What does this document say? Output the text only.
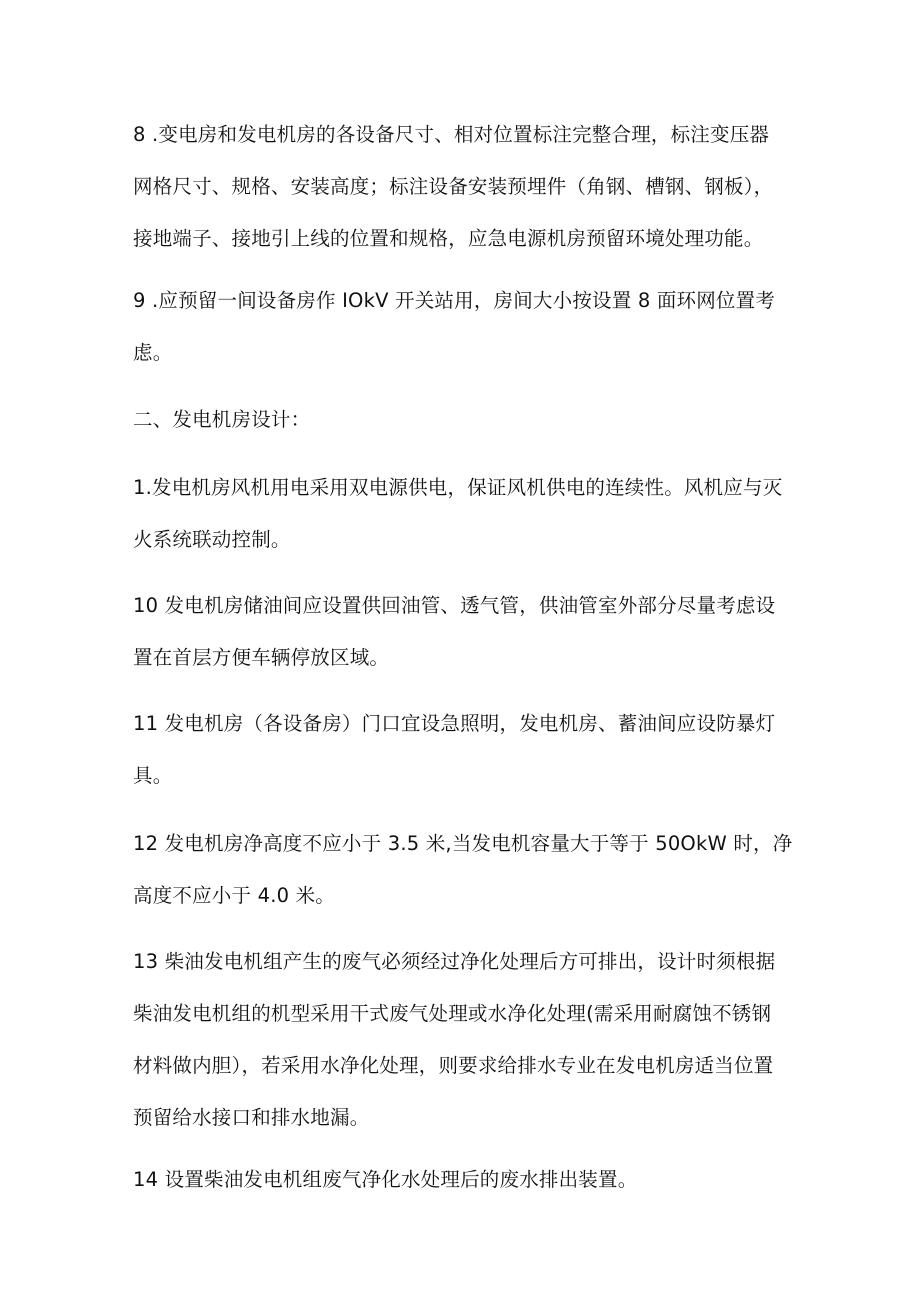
8 .变电房和发电机房的各设备尺寸、相对位置标注完整合理，标注变压器
网格尺寸、规格、安装高度；标注设备安装预埋件（角钢、槽钢、钢板），
接地端子、接地引上线的位置和规格，应急电源机房预留环境处理功能。

9 .应预留一间设备房作 IOkV 开关站用，房间大小按设置 8 面环网位置考
虑。

二、发电机房设计：

1.发电机房风机用电采用双电源供电，保证风机供电的连续性。风机应与灭
火系统联动控制。

10 发电机房储油间应设置供回油管、透气管，供油管室外部分尽量考虑设
置在首层方便车辆停放区域。

11 发电机房（各设备房）门口宜设急照明，发电机房、蓄油间应设防暴灯
具。

12 发电机房净高度不应小于 3.5 米,当发电机容量大于等于 50OkW 时，净
高度不应小于 4.0 米。

13 柴油发电机组产生的废气必须经过净化处理后方可排出，设计时须根据
柴油发电机组的机型采用干式废气处理或水净化处理(需采用耐腐蚀不锈钢
材料做内胆），若采用水净化处理，则要求给排水专业在发电机房适当位置
预留给水接口和排水地漏。

14 设置柴油发电机组废气净化水处理后的废水排出装置。
